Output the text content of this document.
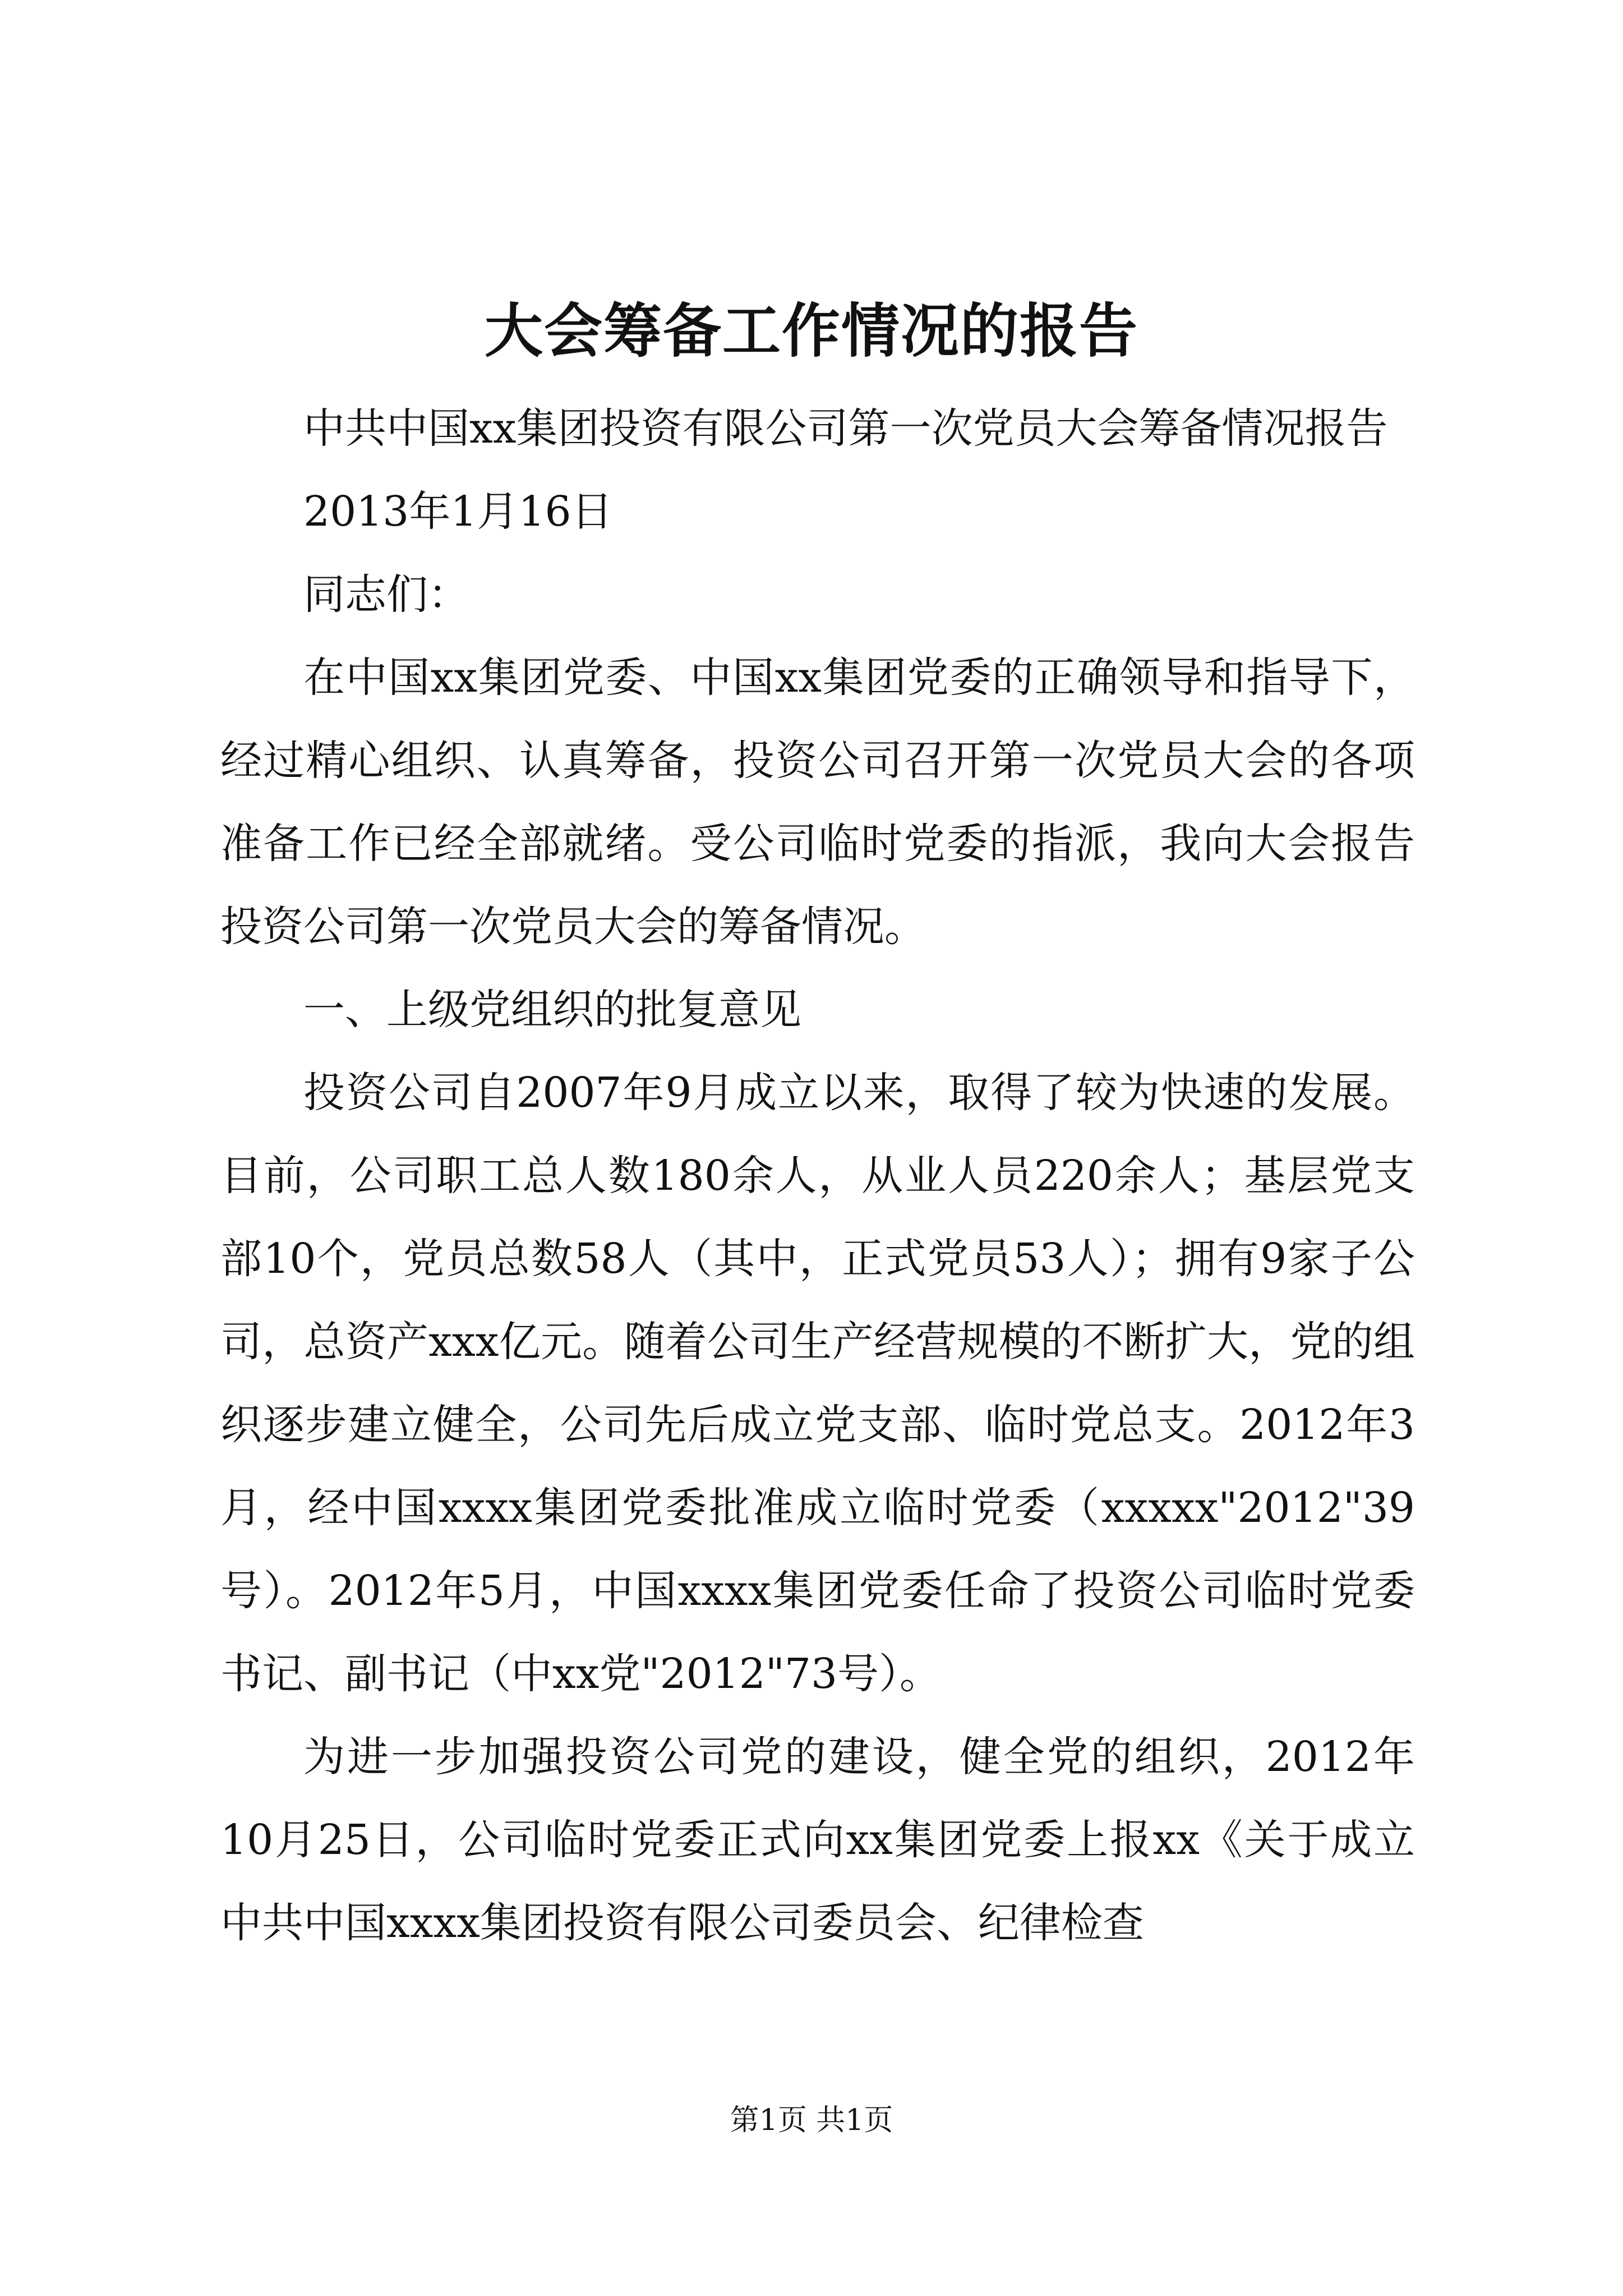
大会筹备工作情况的报告

中共中国xx集团投资有限公司第一次党员大会筹备情况报告

2013年1月16日

同志们：

在中国xx集团党委、中国xx集团党委的正确领导和指导下，经过精心组织、认真筹备，投资公司召开第一次党员大会的各项准备工作已经全部就绪。受公司临时党委的指派，我向大会报告投资公司第一次党员大会的筹备情况。

一、上级党组织的批复意见

投资公司自2007年9月成立以来，取得了较为快速的发展。目前，公司职工总人数180余人，从业人员220余人；基层党支部10个，党员总数58人（其中，正式党员53人）；拥有9家子公司，总资产xxx亿元。随着公司生产经营规模的不断扩大，党的组织逐步建立健全，公司先后成立党支部、临时党总支。2012年3月，经中国xxxx集团党委批准成立临时党委（xxxxx"2012"39号）。2012年5月，中国xxxx集团党委任命了投资公司临时党委书记、副书记（中xx党"2012"73号）。

为进一步加强投资公司党的建设，健全党的组织，2012年10月25日，公司临时党委正式向xx集团党委上报xx《关于成立中共中国xxxx集团投资有限公司委员会、纪律检查

第1页 共1页
